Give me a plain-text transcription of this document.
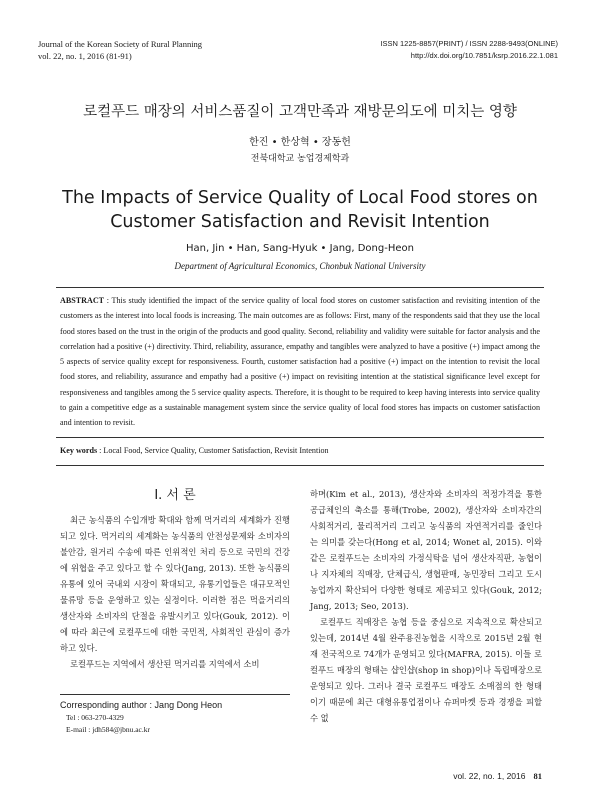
Journal of the Korean Society of Rural Planning
vol. 22, no. 1, 2016 (81-91)
ISSN 1225-8857(PRINT) / ISSN 2288-9493(ONLINE)
http://dx.doi.org/10.7851/ksrp.2016.22.1.081
로컬푸드 매장의 서비스품질이 고객만족과 재방문의도에 미치는 영향
한진 • 한상혁 • 장동헌
전북대학교 농업경제학과
The Impacts of Service Quality of Local Food stores on Customer Satisfaction and Revisit Intention
Han, Jin • Han, Sang-Hyuk • Jang, Dong-Heon
Department of Agricultural Economics, Chonbuk National University
ABSTRACT : This study identified the impact of the service quality of local food stores on customer satisfaction and revisiting intention of the customers as the interest into local foods is increasing. The main outcomes are as follows: First, many of the respondents said that they use the local food stores based on the trust in the origin of the products and good quality. Second, reliability and validity were suitable for factor analysis and the correlation had a positive (+) directivity. Third, reliability, assurance, empathy and tangibles were analyzed to have a positive (+) impact among the 5 aspects of service quality except for responsiveness. Fourth, customer satisfaction had a positive (+) impact on the intention to revisit the local food stores, and reliability, assurance and empathy had a positive (+) impact on revisiting intention at the statistical significance level except for responsiveness and tangibles among the 5 service quality aspects. Therefore, it is thought to be required to keep having interests into service quality to gain a competitive edge as a sustainable management system since the service quality of local food stores has impacts on customer satisfaction and intention to revisit.
Key words : Local Food, Service Quality, Customer Satisfaction, Revisit Intention
Ⅰ. 서 론

최근 농식품의 수입개방 확대와 함께 먹거리의 세계화가 진행되고 있다. 먹거리의 세계화는 농식품의 안전성문제와 소비자의 불안감, 원거리 수송에 따른 인위적인 처리 등으로 국민의 건강에 위협을 주고 있다고 할 수 있다(Jang, 2013). 또한 농식품의 유통에 있어 국내외 시장이 확대되고, 유통기업들은 대규모적인 물류망 등을 운영하고 있는 실정이다. 이러한 점은 먹을거리의 생산자와 소비자의 단절을 유발시키고 있다(Gouk, 2012). 이에 따라 최근에 로컬푸드에 대한 국민적, 사회적인 관심이 증가하고 있다.

로컬푸드는 지역에서 생산된 먹거리를 지역에서 소비

하며(Kim et al., 2013), 생산자와 소비자의 적정가격을 통한 공급체인의 축소를 통해(Trobe, 2002), 생산자와 소비자간의 사회적거리, 물리적거리 그리고 농식품의 자연적거리를 줄인다는 의미를 갖는다(Hong et al, 2014; Wonet al, 2015). 이와 같은 로컬푸드는 소비자의 가정식탁을 넘어 생산자직판, 농협이나 지자체의 직매장, 단체급식, 생협판매, 농민장터 그리고 도시농업까지 확산되어 다양한 형태로 제공되고 있다(Gouk, 2012; Jang, 2013; Seo, 2013).

로컬푸드 직매장은 농협 등을 중심으로 지속적으로 확산되고 있는데, 2014년 4월 완주용진농협을 시작으로 2015년 2월 현재 전국적으로 74개가 운영되고 있다(MAFRA, 2015). 이들 로컬푸드 매장의 형태는 샵인샵(shop in shop)이나 독립매장으로 운영되고 있다. 그러나 결국 로컬푸드 매장도 소매점의 한 형태이기 때문에 최근 대형유통업점이나 슈퍼마켓 등과 경쟁을 피할 수 없

Corresponding author : Jang Dong Heon
Tel : 063-270-4329
E-mail : jdh584@jbnu.ac.kr
vol. 22, no. 1, 2016 81
